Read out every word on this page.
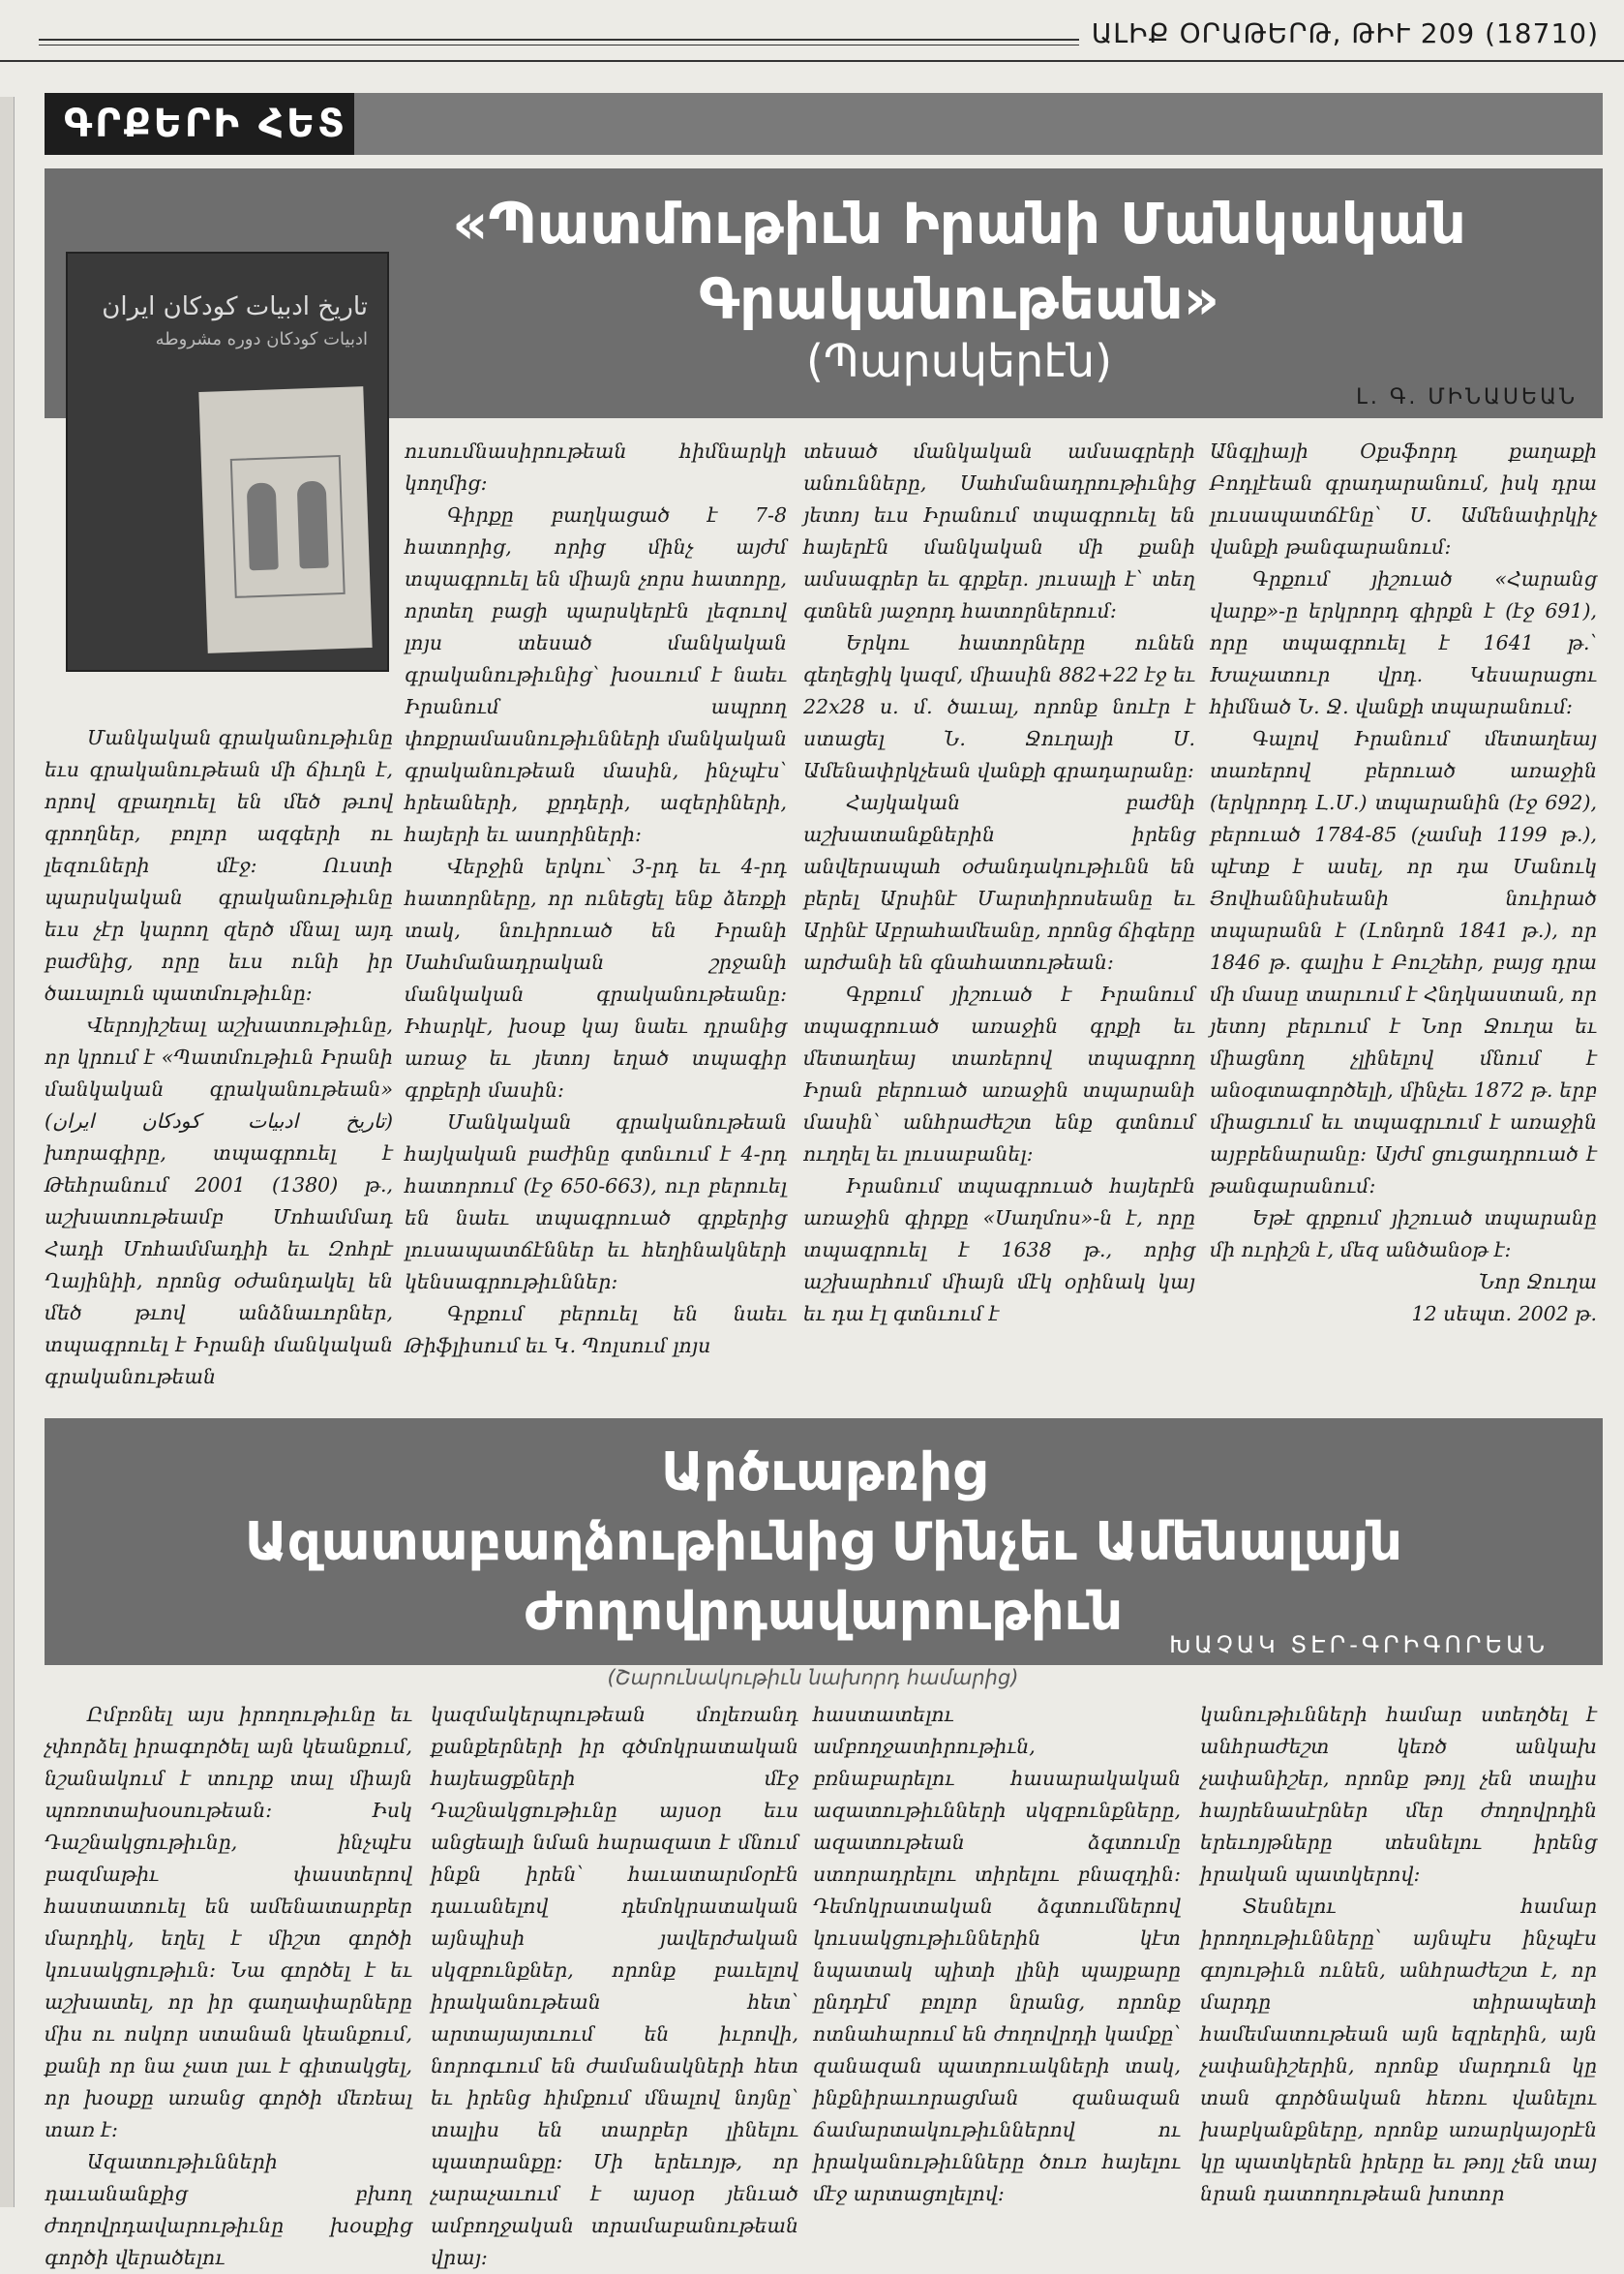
ԱԼԻՔ ՕՐԱԹԵՐԹ, ԹԻՒ 209 (18710)
ԳՐՔԵՐԻ ՀԵՏ
«Պատմութիւն Իրանի Մանկական Գրականութեան»
(Պարսկերէն)
Լ. Գ. ՄԻՆԱՍԵԱՆ
تاریخ ادبیات کودکان ایران
ادبیات کودکان دوره مشروطه

Մանկական գրականութիւնը եւս գրականութեան մի ճիւղն է, որով զբաղուել են մեծ թւով գրողներ, բոլոր ազգերի ու լեզուների մէջ: Ուստի պարսկական գրականութիւնը եւս չէր կարող զերծ մնալ այդ բաժնից, որը եւս ունի իր ծաւալուն պատմութիւնը:

Վերոյիշեալ աշխատութիւնը, որ կրում է «Պատմութիւն Իրանի մանկական գրականութեան» (تاریخ ادبیات کودکان ایران) խորագիրը, տպագրուել է Թեհրանում 2001 (1380) թ., աշխատութեամբ Մոհամմադ Հադի Մոհամմադիի եւ Զոհրէ Ղայինիի, որոնց օժանդակել են մեծ թւով անձնաւորներ, տպագրուել է Իրանի մանկական գրականութեան

ուսումնասիրութեան հիմնարկի կողմից:

Գիրքը բաղկացած է 7-8 հատորից, որից մինչ այժմ տպագրուել են միայն չորս հատորը, որտեղ բացի պարսկերէն լեզուով լոյս տեսած մանկական գրականութիւնից՝ խօսւում է նաեւ Իրանում ապրող փոքրամասնութիւնների մանկական գրականութեան մասին, ինչպէս՝ հրեաների, քրդերի, ազերիների, հայերի եւ ասորիների:

Վերջին երկու՝ 3-րդ եւ 4-րդ հատորները, որ ունեցել ենք ձեռքի տակ, նուիրուած են Իրանի Սահմանադրական շրջանի մանկական գրականութեանը: Իհարկէ, խօսք կայ նաեւ դրանից առաջ եւ յետոյ եղած տպագիր գրքերի մասին:

Մանկական գրականութեան հայկական բաժինը գտնւում է 4-րդ հատորում (էջ 650-663), ուր բերուել են նաեւ տպագրուած գրքերից լուսապատճէններ եւ հեղինակների կենսագրութիւններ:

Գրքում բերուել են նաեւ Թիֆլիսում եւ Կ. Պոլսում լոյս

տեսած մանկական ամսագրերի անունները, Սահմանադրութիւնից յետոյ եւս Իրանում տպագրուել են հայերէն մանկական մի քանի ամսագրեր եւ գրքեր. յուսալի է՝ տեղ գտնեն յաջորդ հատորներում:

Երկու հատորները ունեն գեղեցիկ կազմ, միասին 882+22 էջ եւ 22x28 ս. մ. ծաւալ, որոնք նուէր է ստացել Ն. Ջուղայի Ս. Ամենափրկչեան վանքի գրադարանը:

Հայկական բաժնի աշխատանքներին իրենց անվերապահ օժանդակութիւնն են բերել Արսինէ Մարտիրոսեանը եւ Արինէ Աբրահամեանը, որոնց ճիգերը արժանի են գնահատութեան:

Գրքում յիշուած է Իրանում տպագրուած առաջին գրքի եւ մետաղեայ տառերով տպագրող Իրան բերուած առաջին տպարանի մասին՝ անհրաժեշտ ենք գտնում ուղղել եւ լուսաբանել:

Իրանում տպագրուած հայերէն առաջին գիրքը «Սաղմոս»-ն է, որը տպագրուել է 1638 թ., որից աշխարհում միայն մէկ օրինակ կայ եւ դա էլ գտնւում է

Անգլիայի Օքսֆորդ քաղաքի Բոդլէեան գրադարանում, իսկ դրա լուսապատճէնը՝ Ս. Ամենափրկիչ վանքի թանգարանում:

Գրքում յիշուած «Հարանց վարք»-ը երկրորդ գիրքն է (էջ 691), որը տպագրուել է 1641 թ.՝ Խաչատուր վրդ. Կեսարացու հիմնած Ն. Ջ. վանքի տպարանում:

Գալով Իրանում մետաղեայ տառերով բերուած առաջին (երկրորդ Լ.Մ.) տպարանին (էջ 692), բերուած 1784-85 (չամսի 1199 թ.), պէտք է ասել, որ դա Մանուկ Յովհաննիսեանի նուիրած տպարանն է (Լոնդոն 1841 թ.), որ 1846 թ. գալիս է Բուշեհր, բայց դրա մի մասը տարւում է Հնդկաստան, որ յետոյ բերւում է Նոր Ջուղա եւ միացնող չլինելով մնում է անօգտագործելի, մինչեւ 1872 թ. երբ միացւում եւ տպագրւում է առաջին այբբենարանը: Այժմ ցուցադրուած է թանգարանում:

Եթէ գրքում յիշուած տպարանը մի ուրիշն է, մեզ անծանօթ է:

Նոր Ջուղա

12 սեպտ. 2002 թ.

Արծւաթռից
Ազատաբաղձութիւնից Մինչեւ Ամենալայն
Ժողովրդավարութիւն
ԽԱՉԱԿ ՏԷՐ-ԳՐԻԳՈՐԵԱՆ
(Շարունակութիւն նախորդ համարից)

Ըմբռնել այս իրողութիւնը եւ չփորձել իրագործել այն կեանքում, նշանակում է տուրք տալ միայն պոռոտախօսութեան: Իսկ Դաշնակցութիւնը, ինչպէս բազմաթիւ փաստերով հաստատուել են ամենատարբեր մարդիկ, եղել է միշտ գործի կուսակցութիւն: Նա գործել է եւ աշխատել, որ իր գաղափարները միս ու ոսկոր ստանան կեանքում, քանի որ նա չատ լաւ է գիտակցել, որ խօսքը առանց գործի մեռեալ տառ է:

Ազատութիւնների դաւանանքից բխող ժողովրդավարութիւնը խօսքից գործի վերածելու

կազմակերպութեան մոլեռանդ քանքերների իր գծմոկրատական հայեացքների մէջ Դաշնակցութիւնը այսօր եւս անցեալի նման հարազատ է մնում ինքն իրեն՝ հաւատարմօրէն դաւանելով դեմոկրատական այնպիսի յավերժական սկզբունքներ, որոնք բաւելով իրականութեան հետ՝ արտայայտւում են իւրովի, նորոգւում են ժամանակների հետ եւ իրենց հիմքում մնալով նոյնը՝ տալիս են տարբեր լինելու պատրանքը: Մի երեւոյթ, որ չարաչաւում է այսօր յենւած ամբողջական տրամաբանութեան վրայ:

հաստատելու ամբողջատիրութիւն, բռնաբարելու հասարակական ազատութիւնների սկզբունքները, ազատութեան ձգտումը ստորադրելու տիրելու բնազդին: Դեմոկրատական ձգտումներով կուսակցութիւններին կէտ նպատակ պիտի լինի պայքարը ընդդէմ բոլոր նրանց, որոնք ոտնահարում են ժողովրդի կամքը՝ զանազան պատրուակների տակ, ինքնիրաւորացման զանազան ճամարտակութիւններով ու իրականութիւնները ծուռ հայելու մէջ արտացոլելով:

կանութիւնների համար ստեղծել է անհրաժեշտ կեռծ անկախ չափանիշեր, որոնք թոյլ չեն տալիս հայրենասէրներ մեր ժողովրդին երեւոյթները տեսնելու իրենց իրական պատկերով:

Տեսնելու համար իրողութիւնները՝ այնպէս ինչպէս գոյութիւն ունեն, անհրաժեշտ է, որ մարդը տիրապետի համեմատութեան այն եզրերին, այն չափանիշերին, որոնք մարդուն կը տան գործնական հեռու վանելու խաբկանքները, որոնք առարկայօրէն կը պատկերեն իրերը եւ թոյլ չեն տայ նրան դատողութեան խոտոր
